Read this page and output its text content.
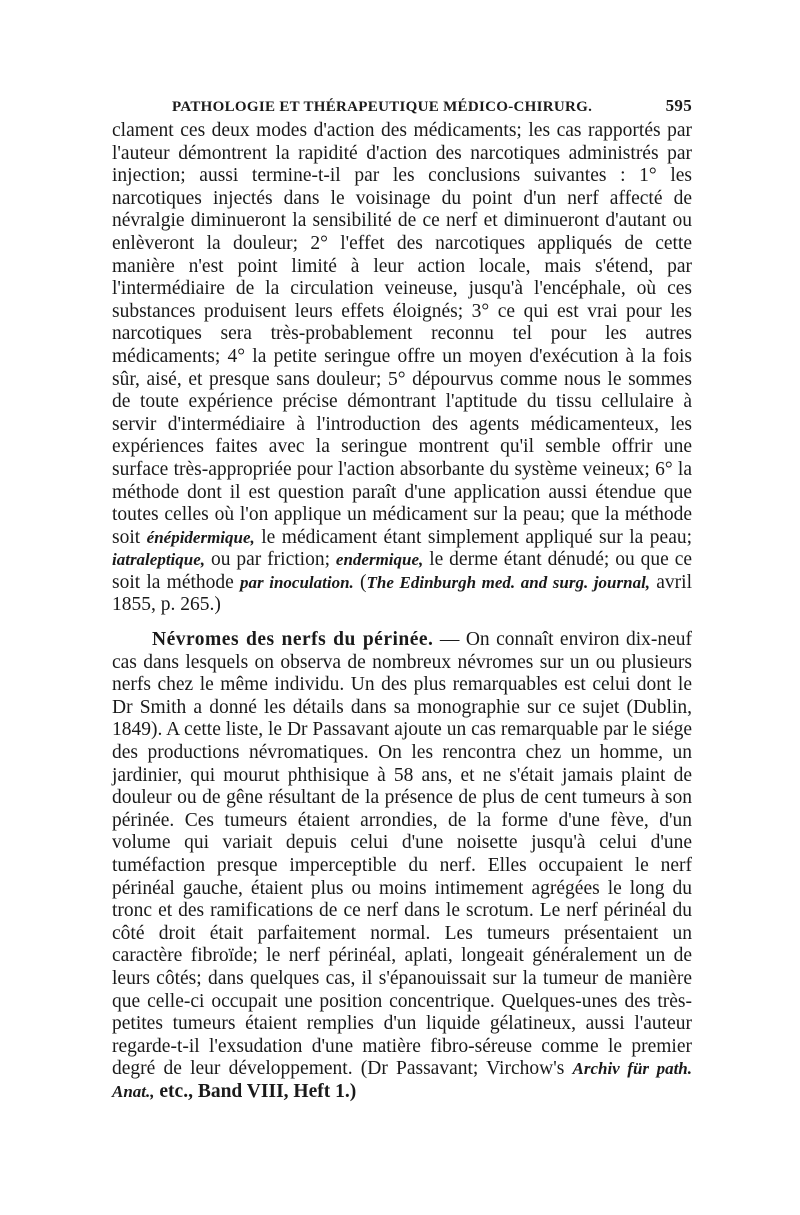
PATHOLOGIE ET THÉRAPEUTIQUE MÉDICO-CHIRURG.	595

clament ces deux modes d'action des médicaments; les cas rapportés par l'auteur démontrent la rapidité d'action des narcotiques administrés par injection; aussi termine-t-il par les conclusions suivantes : 1° les narcotiques injectés dans le voisinage du point d'un nerf affecté de névralgie diminueront la sensibilité de ce nerf et diminueront d'autant ou enlèveront la douleur; 2° l'effet des narcotiques appliqués de cette manière n'est point limité à leur action locale, mais s'étend, par l'intermédiaire de la circulation veineuse, jusqu'à l'encéphale, où ces substances produisent leurs effets éloignés; 3° ce qui est vrai pour les narcotiques sera très-probablement reconnu tel pour les autres médicaments; 4° la petite seringue offre un moyen d'exécution à la fois sûr, aisé, et presque sans douleur; 5° dépourvus comme nous le sommes de toute expérience précise démontrant l'aptitude du tissu cellulaire à servir d'intermédiaire à l'introduction des agents médicamenteux, les expériences faites avec la seringue montrent qu'il semble offrir une surface très-appropriée pour l'action absorbante du système veineux; 6° la méthode dont il est question paraît d'une application aussi étendue que toutes celles où l'on applique un médicament sur la peau; que la méthode soit énépidermique, le médicament étant simplement appliqué sur la peau; iatraleptique, ou par friction; endermique, le derme étant dénudé; ou que ce soit la méthode par inoculation. (The Edinburgh med. and surg. journal, avril 1855, p. 265.)

Névromes des nerfs du périnée. — On connaît environ dix-neuf cas dans lesquels on observa de nombreux névromes sur un ou plusieurs nerfs chez le même individu. Un des plus remarquables est celui dont le Dr Smith a donné les détails dans sa monographie sur ce sujet (Dublin, 1849). A cette liste, le Dr Passavant ajoute un cas remarquable par le siége des productions névromatiques. On les rencontra chez un homme, un jardinier, qui mourut phthisique à 58 ans, et ne s'était jamais plaint de douleur ou de gêne résultant de la présence de plus de cent tumeurs à son périnée. Ces tumeurs étaient arrondies, de la forme d'une fève, d'un volume qui variait depuis celui d'une noisette jusqu'à celui d'une tuméfaction presque imperceptible du nerf. Elles occupaient le nerf périnéal gauche, étaient plus ou moins intimement agrégées le long du tronc et des ramifications de ce nerf dans le scrotum. Le nerf périnéal du côté droit était parfaitement normal. Les tumeurs présentaient un caractère fibroïde; le nerf périnéal, aplati, longeait généralement un de leurs côtés; dans quelques cas, il s'épanouissait sur la tumeur de manière que celle-ci occupait une position concentrique. Quelques-unes des très-petites tumeurs étaient remplies d'un liquide gélatineux, aussi l'auteur regarde-t-il l'exsudation d'une matière fibro-séreuse comme le premier degré de leur développement. (Dr Passavant; Virchow's Archiv für path. Anat., etc., Band VIII, Heft 1.)
